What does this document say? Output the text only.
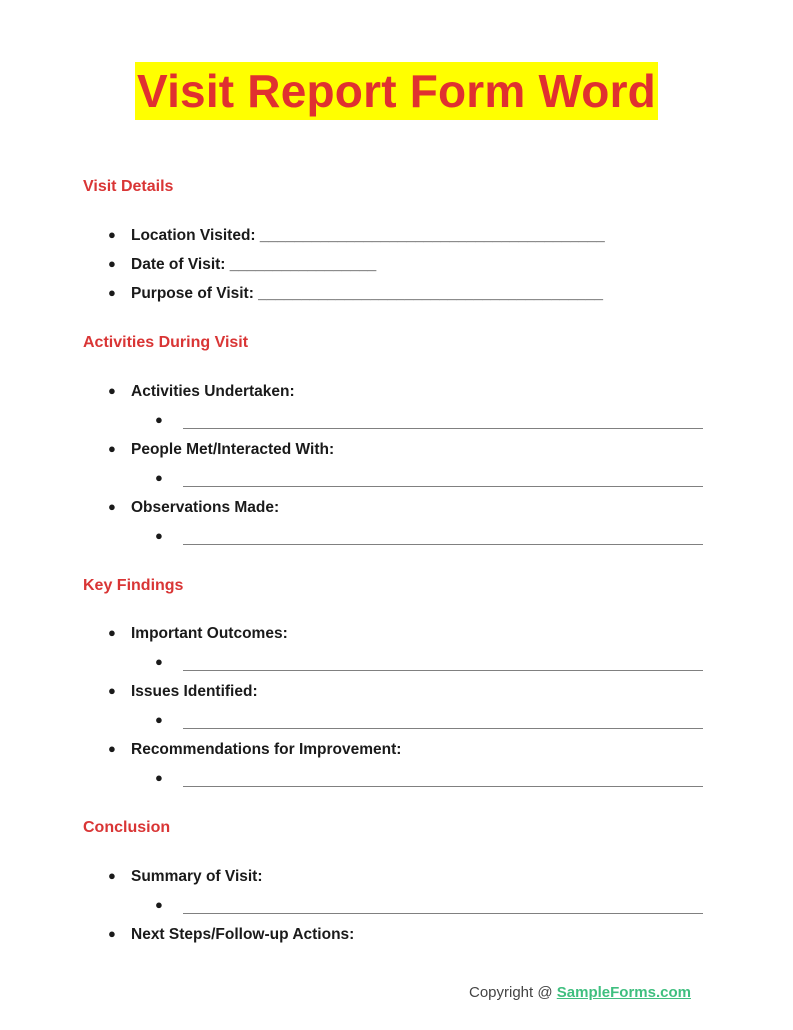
Visit Report Form Word
Visit Details
● Location Visited: ________________________________________
● Date of Visit: _________________
● Purpose of Visit: ________________________________________
Activities During Visit
● Activities Undertaken:
●
● People Met/Interacted With:
●
● Observations Made:
●
Key Findings
● Important Outcomes:
●
● Issues Identified:
●
● Recommendations for Improvement:
●
Conclusion
● Summary of Visit:
●
● Next Steps/Follow-up Actions:
Copyright @ SampleForms.com
